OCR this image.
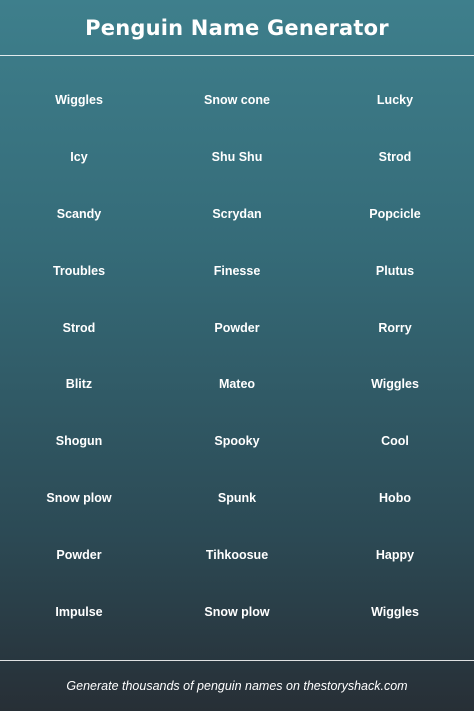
Penguin Name Generator
Wiggles	Snow cone	Lucky
Icy	Shu Shu	Strod
Scandy	Scrydan	Popcicle
Troubles	Finesse	Plutus
Strod	Powder	Rorry
Blitz	Mateo	Wiggles
Shogun	Spooky	Cool
Snow plow	Spunk	Hobo
Powder	Tihkoosue	Happy
Impulse	Snow plow	Wiggles
Generate thousands of penguin names on thestoryshack.com
